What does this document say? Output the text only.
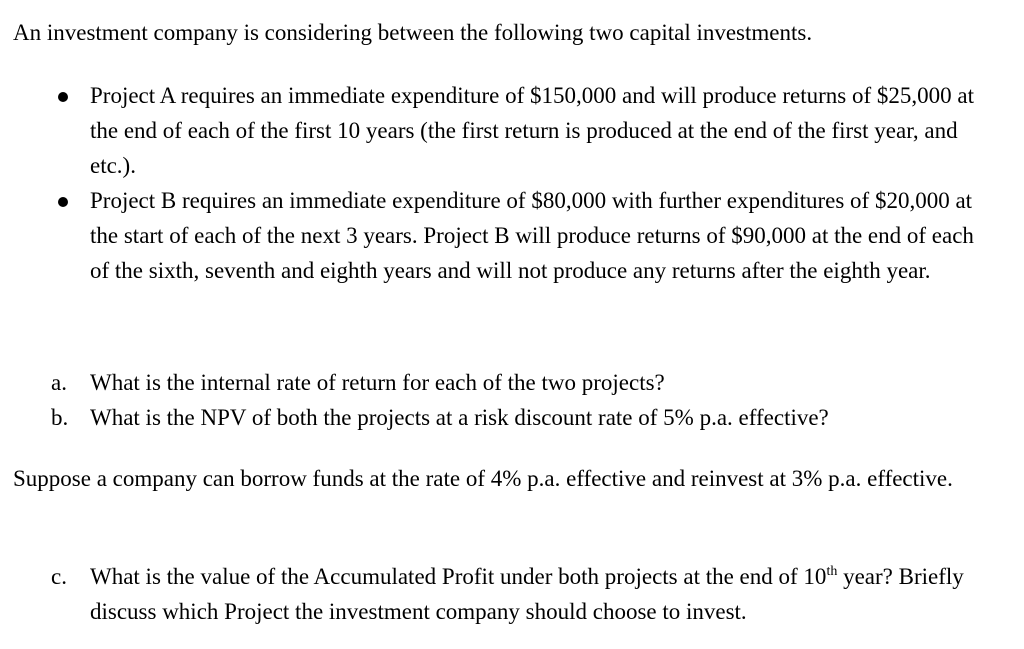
An investment company is considering between the following two capital investments.
Project A requires an immediate expenditure of $150,000 and will produce returns of $25,000 at the end of each of the first 10 years (the first return is produced at the end of the first year, and etc.).
Project B requires an immediate expenditure of $80,000 with further expenditures of $20,000 at the start of each of the next 3 years. Project B will produce returns of $90,000 at the end of each of the sixth, seventh and eighth years and will not produce any returns after the eighth year.
a. What is the internal rate of return for each of the two projects?
b. What is the NPV of both the projects at a risk discount rate of 5% p.a. effective?
Suppose a company can borrow funds at the rate of 4% p.a. effective and reinvest at 3% p.a. effective.
c. What is the value of the Accumulated Profit under both projects at the end of 10th year? Briefly discuss which Project the investment company should choose to invest.
